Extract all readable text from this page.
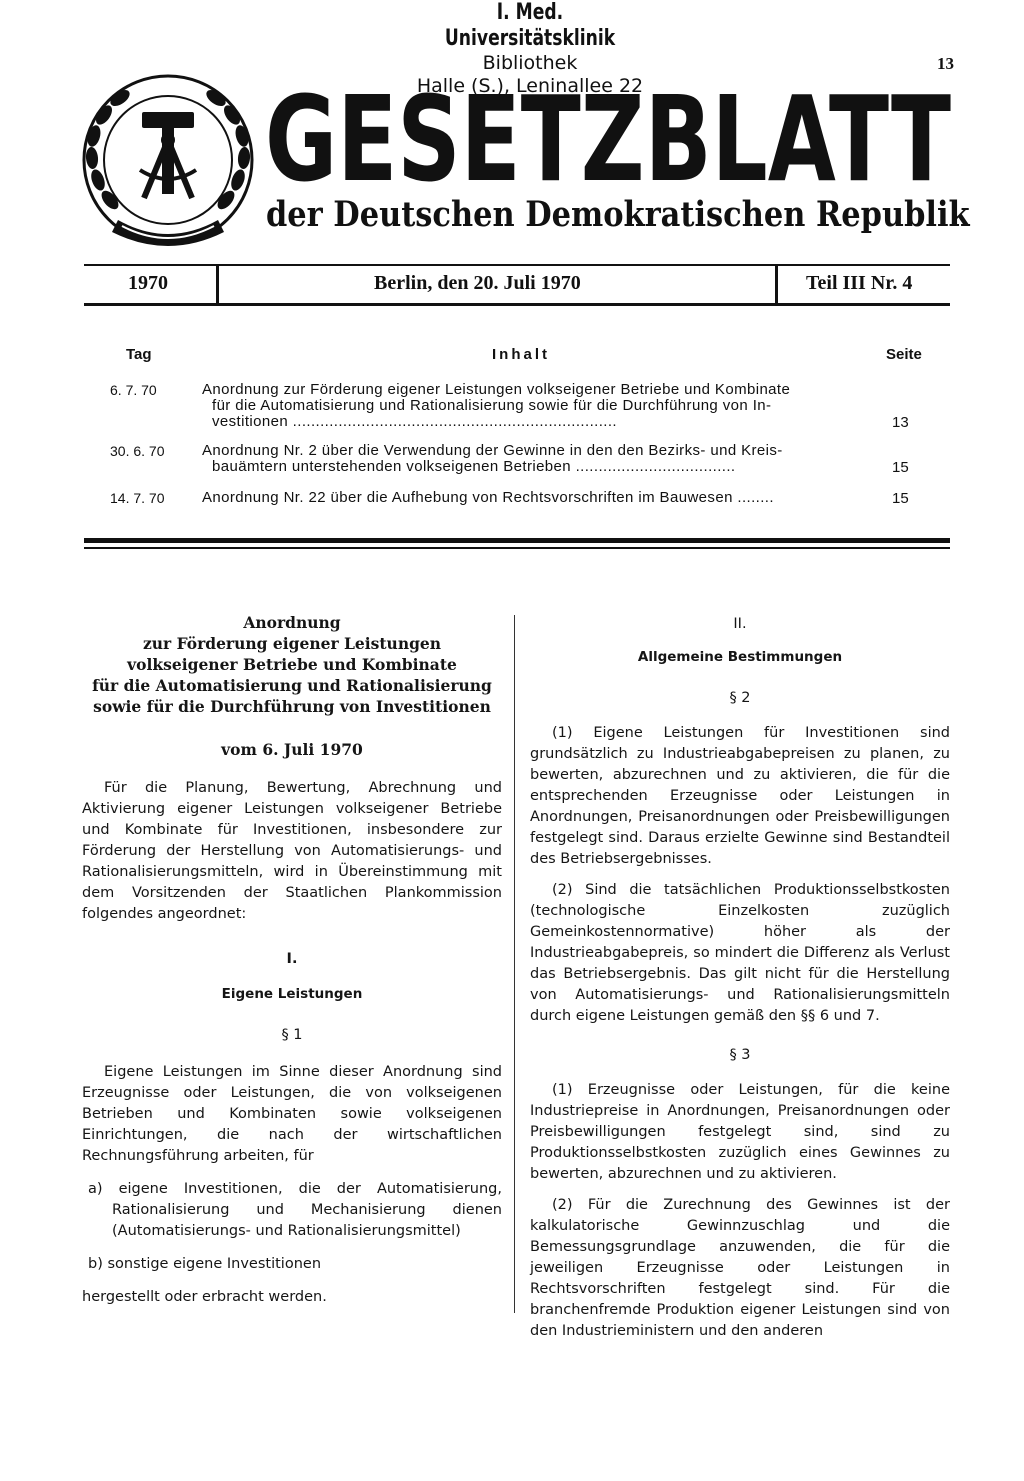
I. Med. Universitätsklinik
Bibliothek
Halle (S.), Leninallee 22
13
GESETZBLATT
der Deutschen Demokratischen Republik
1970	Berlin, den 20. Juli 1970	Teil III Nr. 4
Tag	Inhalt	Seite
6. 7. 70	Anordnung zur Förderung eigener Leistungen volkseigener Betriebe und Kombinate
für die Automatisierung und Rationalisierung sowie für die Durchführung von In-
vestitionen .......................................................................	13
30. 6. 70	Anordnung Nr. 2 über die Verwendung der Gewinne in den den Bezirks- und Kreis-
bauämtern unterstehenden volkseigenen Betrieben ...................................	15
14. 7. 70	Anordnung Nr. 22 über die Aufhebung von Rechtsvorschriften im Bauwesen ........	15
Anordnung
zur Förderung eigener Leistungen
volkseigener Betriebe und Kombinate
für die Automatisierung und Rationalisierung
sowie für die Durchführung von Investitionen
vom 6. Juli 1970
Für die Planung, Bewertung, Abrechnung und Aktivierung eigener Leistungen volkseigener Betriebe und Kombinate für Investitionen, insbesondere zur Förderung der Herstellung von Automatisierungs- und Rationalisierungsmitteln, wird in Übereinstimmung mit dem Vorsitzenden der Staatlichen Plankommission folgendes angeordnet:
I.
Eigene Leistungen
§ 1
Eigene Leistungen im Sinne dieser Anordnung sind Erzeugnisse oder Leistungen, die von volkseigenen Betrieben und Kombinaten sowie volkseigenen Einrichtungen, die nach der wirtschaftlichen Rechnungsführung arbeiten, für
a) eigene Investitionen, die der Automatisierung, Rationalisierung und Mechanisierung dienen (Automatisierungs- und Rationalisierungsmittel)
b) sonstige eigene Investitionen
hergestellt oder erbracht werden.
II.
Allgemeine Bestimmungen
§ 2
(1) Eigene Leistungen für Investitionen sind grundsätzlich zu Industrieabgabepreisen zu planen, zu bewerten, abzurechnen und zu aktivieren, die für die entsprechenden Erzeugnisse oder Leistungen in Anordnungen, Preisanordnungen oder Preisbewilligungen festgelegt sind. Daraus erzielte Gewinne sind Bestandteil des Betriebsergebnisses.
(2) Sind die tatsächlichen Produktionsselbstkosten (technologische Einzelkosten zuzüglich Gemeinkostennormative) höher als der Industrieabgabepreis, so mindert die Differenz als Verlust das Betriebsergebnis. Das gilt nicht für die Herstellung von Automatisierungs- und Rationalisierungsmitteln durch eigene Leistungen gemäß den §§ 6 und 7.
§ 3
(1) Erzeugnisse oder Leistungen, für die keine Industriepreise in Anordnungen, Preisanordnungen oder Preisbewilligungen festgelegt sind, sind zu Produktionsselbstkosten zuzüglich eines Gewinnes zu bewerten, abzurechnen und zu aktivieren.
(2) Für die Zurechnung des Gewinnes ist der kalkulatorische Gewinnzuschlag und die Bemessungsgrundlage anzuwenden, die für die jeweiligen Erzeugnisse oder Leistungen in Rechtsvorschriften festgelegt sind. Für die branchenfremde Produktion eigener Leistungen sind von den Industrieministern und den anderen
